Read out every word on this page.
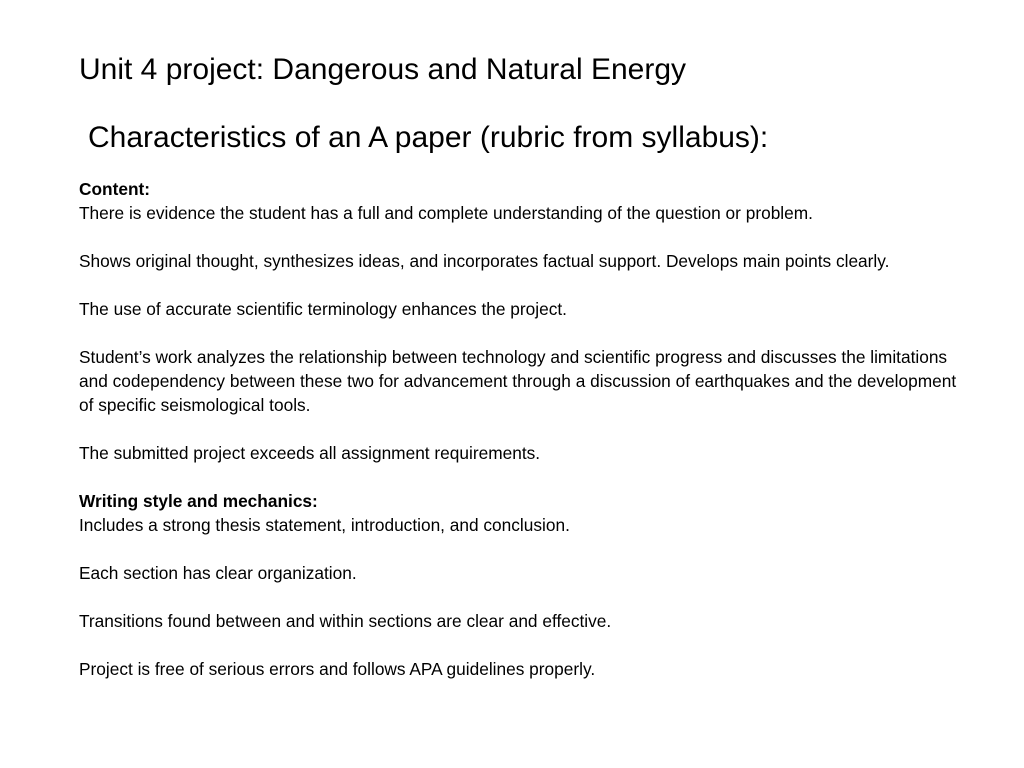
Unit 4 project: Dangerous and Natural Energy
Characteristics of an A paper (rubric from syllabus):
Content:

There is evidence the student has a full and complete understanding of the question or problem.

Shows original thought, synthesizes ideas, and incorporates factual support. Develops main points clearly.

The use of accurate scientific terminology enhances the project.

Student’s work analyzes the relationship between technology and scientific progress and discusses the limitations and codependency between these two for advancement through a discussion of earthquakes and the development of specific seismological tools.

The submitted project exceeds all assignment requirements.

Writing style and mechanics:

Includes a strong thesis statement, introduction, and conclusion.

Each section has clear organization.

Transitions found between and within sections are clear and effective.

Project is free of serious errors and follows APA guidelines properly.
